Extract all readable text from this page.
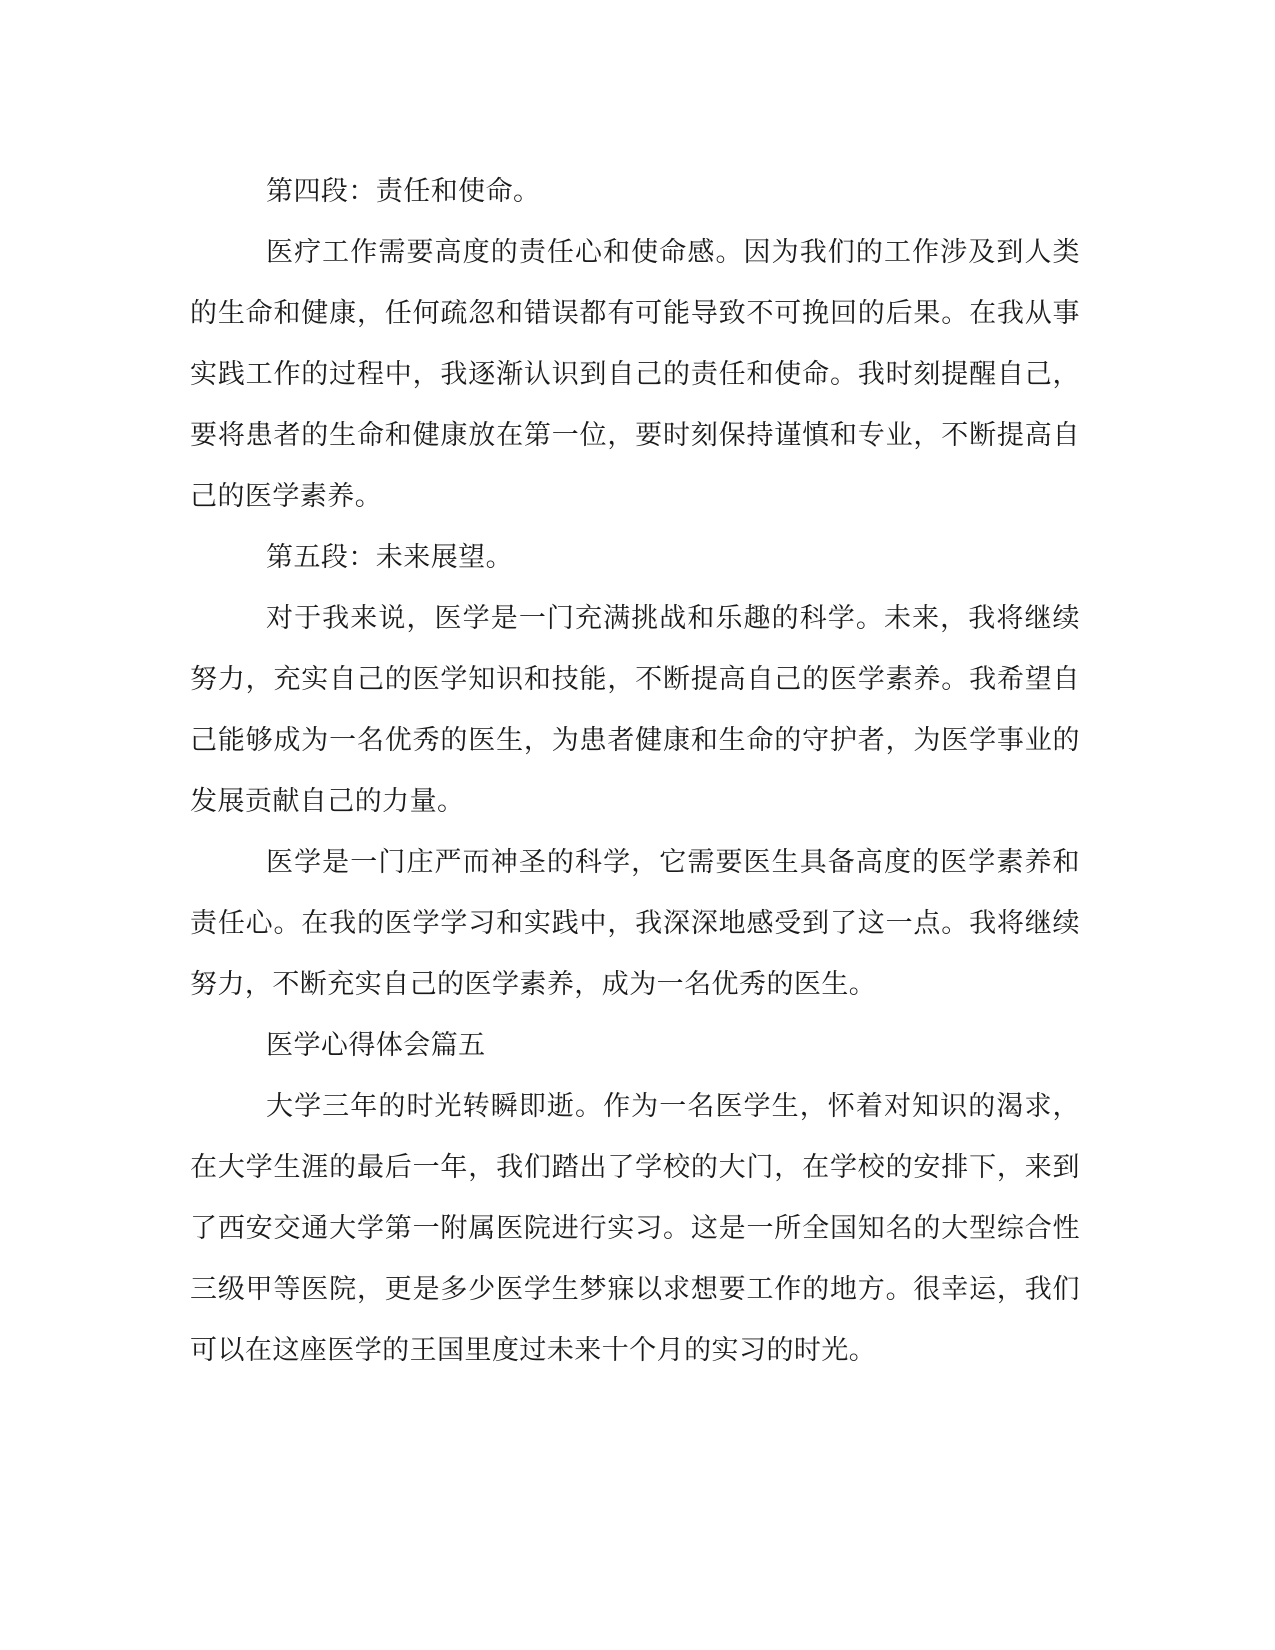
第四段：责任和使命。

医疗工作需要高度的责任心和使命感。因为我们的工作涉及到人类的生命和健康，任何疏忽和错误都有可能导致不可挽回的后果。在我从事实践工作的过程中，我逐渐认识到自己的责任和使命。我时刻提醒自己，要将患者的生命和健康放在第一位，要时刻保持谨慎和专业，不断提高自己的医学素养。

第五段：未来展望。

对于我来说，医学是一门充满挑战和乐趣的科学。未来，我将继续努力，充实自己的医学知识和技能，不断提高自己的医学素养。我希望自己能够成为一名优秀的医生，为患者健康和生命的守护者，为医学事业的发展贡献自己的力量。

医学是一门庄严而神圣的科学，它需要医生具备高度的医学素养和责任心。在我的医学学习和实践中，我深深地感受到了这一点。我将继续努力，不断充实自己的医学素养，成为一名优秀的医生。

医学心得体会篇五

大学三年的时光转瞬即逝。作为一名医学生，怀着对知识的渴求，在大学生涯的最后一年，我们踏出了学校的大门，在学校的安排下，来到了西安交通大学第一附属医院进行实习。这是一所全国知名的大型综合性三级甲等医院，更是多少医学生梦寐以求想要工作的地方。很幸运，我们可以在这座医学的王国里度过未来十个月的实习的时光。
